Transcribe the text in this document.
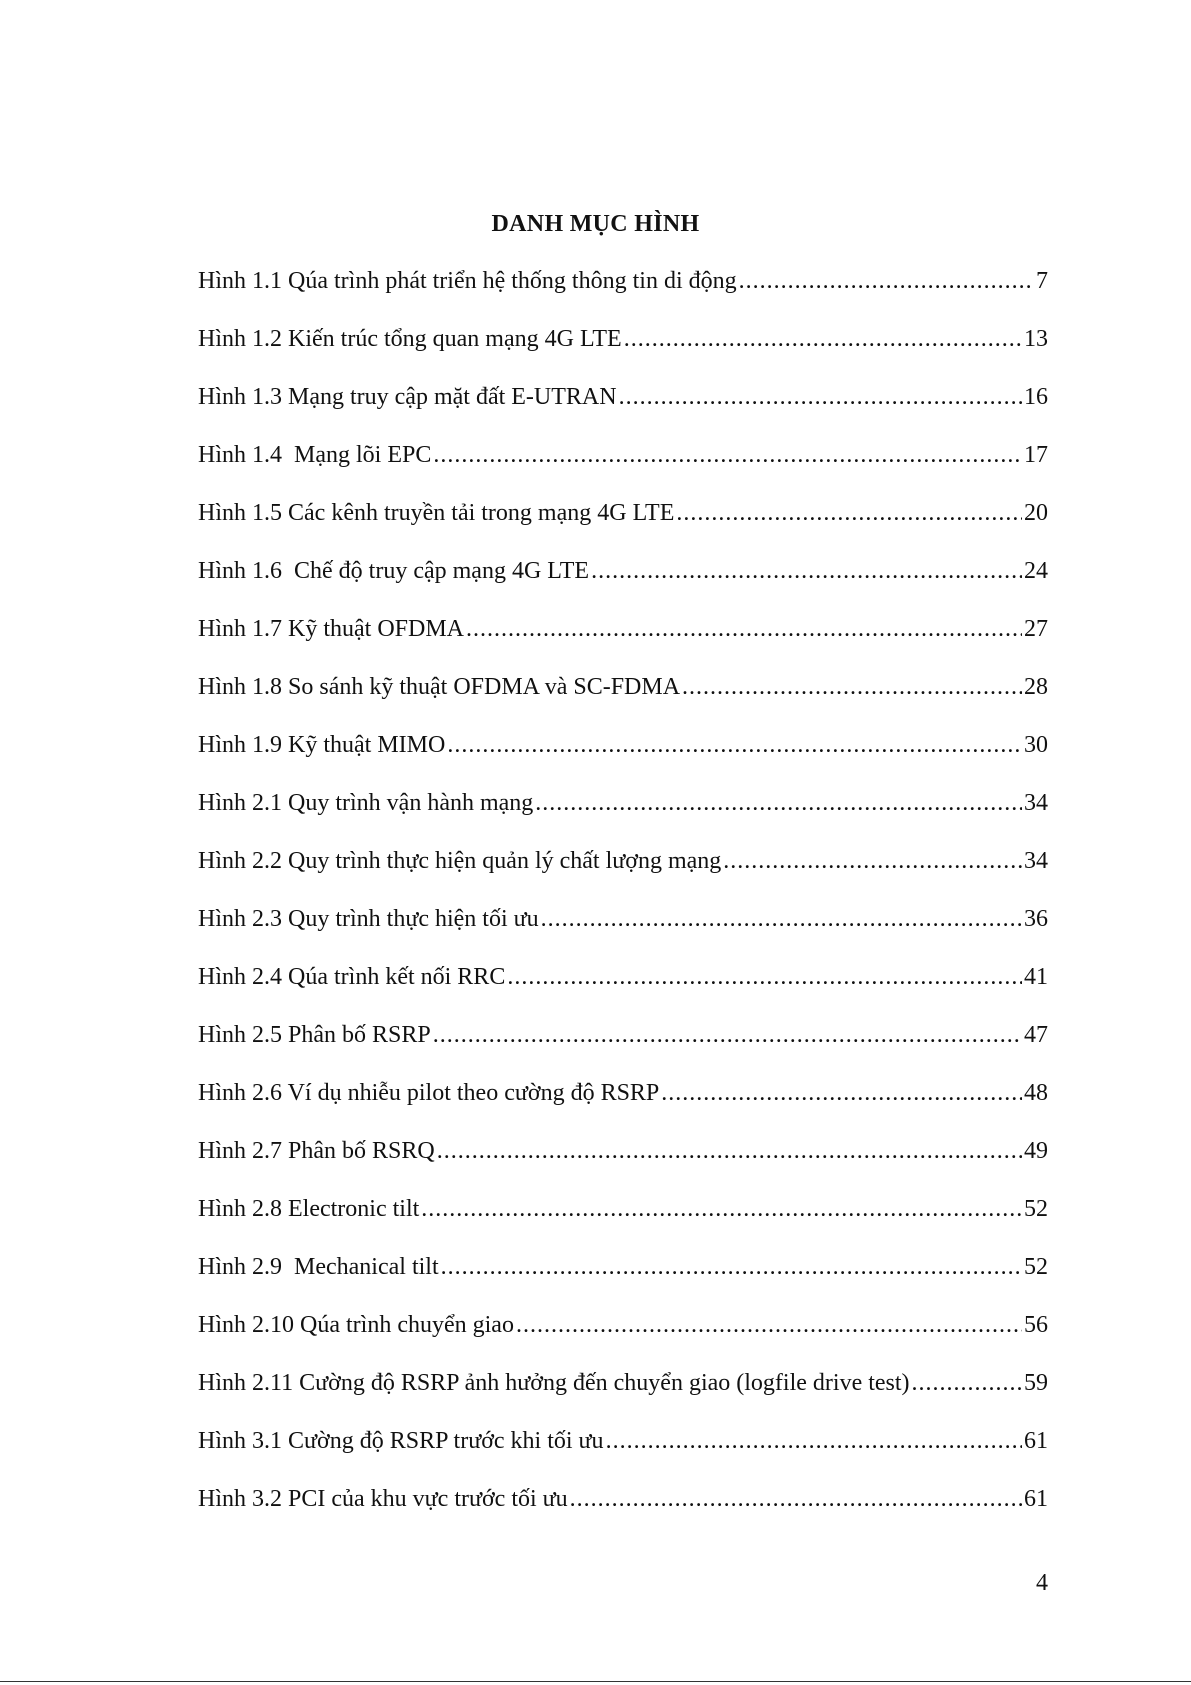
DANH MỤC HÌNH
Hình 1.1 Qúa trình phát triển hệ thống thông tin di động .....	7
Hình 1.2 Kiến trúc tổng quan mạng 4G LTE .....	13
Hình 1.3 Mạng truy cập mặt đất E-UTRAN .....	16
Hình 1.4  Mạng lõi EPC .....	17
Hình 1.5 Các kênh truyền tải trong mạng 4G LTE .....	20
Hình 1.6  Chế độ truy cập mạng 4G LTE .....	24
Hình 1.7 Kỹ thuật OFDMA .....	27
Hình 1.8 So sánh kỹ thuật OFDMA và SC-FDMA .....	28
Hình 1.9 Kỹ thuật MIMO .....	30
Hình 2.1 Quy trình vận hành mạng .....	34
Hình 2.2 Quy trình thực hiện quản lý chất lượng mạng .....	34
Hình 2.3 Quy trình thực hiện tối ưu .....	36
Hình 2.4 Qúa trình kết nối RRC .....	41
Hình 2.5 Phân bố RSRP .....	47
Hình 2.6 Ví dụ nhiễu pilot theo cường độ RSRP .....	48
Hình 2.7 Phân bố RSRQ .....	49
Hình 2.8 Electronic tilt .....	52
Hình 2.9  Mechanical tilt .....	52
Hình 2.10 Qúa trình chuyển giao .....	56
Hình 2.11 Cường độ RSRP ảnh hưởng đến chuyển giao (logfile drive test) .....	59
Hình 3.1 Cường độ RSRP trước khi tối ưu .....	61
Hình 3.2 PCI của khu vực trước tối ưu .....	61
4
